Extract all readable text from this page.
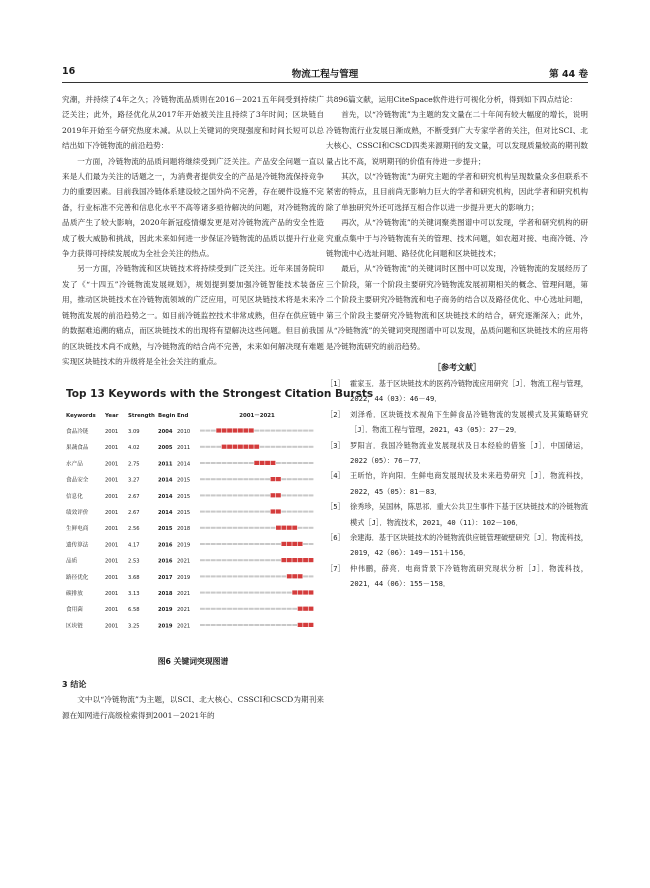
16	物流工程与管理	第 44 卷

究潮，并持续了4年之久；冷链物流品质则在2016－2021五年间受到持续广泛关注；此外，路径优化从2017年开始被关注且持续了3年时间；区块链自2019年开始至今研究热度未减。从以上关键词的突现强度和时间长短可以总结出如下冷链物流的前沿趋势：

一方面，冷链物流的品质问题将继续受到广泛关注。产品安全问题一直以来是人们最为关注的话题之一，为消费者提供安全的产品是冷链物流保持竞争力的重要因素。目前我国冷链体系建设较之国外尚不完善，存在硬件设施不完备，行业标准不完善和信息化水平不高等诸多亟待解决的问题，对冷链物流的品质产生了较大影响，2020年新冠疫情爆发更是对冷链物流产品的安全性造成了极大威胁和挑战，因此未来如何进一步保证冷链物流的品质以提升行业竞争力获得可持续发展成为全社会关注的热点。

另一方面，冷链物流和区块链技术将持续受到广泛关注。近年来国务院印发了《“十四五”冷链物流发展规划》，规划提到要加强冷链智能技术装备应用，推动区块链技术在冷链物流领域的广泛应用，可见区块链技术将是未来冷链物流发展的前沿趋势之一。如目前冷链监控技术非常成熟，但存在供应链中的数据难追溯的痛点，而区块链技术的出现将有望解决这些问题。但目前我国的区块链技术尚不成熟，与冷链物流的结合尚不完善，未来如何解决现有难题实现区块链技术的升级将是全社会关注的重点。

Top 13 Keywords with the Strongest Citation Bursts
Keywords Year Strength Begin End	2001－2021
食品冷链	2001 3.09	2004 2010
果蔬食品	2001 4.02	2005 2011
水产品	2001 2.75	2011 2014
食品安全	2001 3.27	2014 2015
信息化	2001 2.67	2014 2015
绩效评价	2001 2.67	2014 2015
生鲜电商	2001 2.56	2015 2018
遗传算法	2001 4.17	2016 2019
品质	2001 2.53	2016 2021
路径优化	2001 3.68	2017 2019
碳排放	2001 3.13	2018 2021
食用菌	2001 6.58	2019 2021
区块链	2001 3.25	2019 2021
图6 关键词突现图谱
3 结论

文中以“冷链物流”为主题，以SCI、北大核心、CSSCI和CSCD为期刊来源在知网进行高级检索得到2001－2021年的

共896篇文献，运用CiteSpace软件进行可视化分析，得到如下四点结论：

首先，以“冷链物流”为主题的发文量在二十年间有较大幅度的增长，说明冷链物流行业发展日渐成熟，不断受到广大专家学者的关注，但对比SCI、北大核心、CSSCI和CSCD四类来源期刊的发文量，可以发现质量较高的期刊数量占比不高，说明期刊的价值有待进一步提升；

其次，以“冷链物流”为研究主题的学者和研究机构呈现数量众多但联系不紧密的特点，且目前尚无影响力巨大的学者和研究机构，因此学者和研究机构除了单独研究外还可选择互相合作以进一步提升更大的影响力；

再次，从“冷链物流”的关键词聚类图谱中可以发现，学者和研究机构的研究重点集中于与冷链物流有关的管理、技术问题，如农超对接、电商冷链、冷链物流中心选址问题、路径优化问题和区块链技术；

最后，从“冷链物流”的关键词时区图中可以发现，冷链物流的发展经历了三个阶段，第一个阶段主要研究冷链物流发展初期相关的概念、管理问题，第二个阶段主要研究冷链物流和电子商务的结合以及路径优化、中心选址问题，第三个阶段主要研究冷链物流和区块链技术的结合，研究逐渐深入；此外，从“冷链物流”的关键词突现图谱中可以发现，品质问题和区块链技术的应用将是冷链物流研究的前沿趋势。

［参考文献］
［1］ 霍家玉．基于区块链技术的医药冷链物流应用研究［J］．物流工程与管理，2022，44（03）：46－49．
［2］ 刘泽希．区块链技术视角下生鲜食品冷链物流的发展模式及其策略研究［J］．物流工程与管理，2021，43（05）：27－29．
［3］ 罗阳言．我国冷链物流业发展现状及日本经验的借鉴［J］．中国储运，2022（05）：76－77．
［4］ 王昕怡，许向阳．生鲜电商发展现状及未来趋势研究［J］．物流科技，2022，45（05）：81－83．
［5］ 徐秀珍，吴国林，陈思祁．重大公共卫生事件下基于区块链技术的冷链物流模式［J］．物流技术，2021，40（11）：102－106．
［6］ 余建海．基于区块链技术的冷链物流供应链管理破壁研究［J］．物流科技，2019，42（06）：149－151＋156．
［7］ 仲伟鹏，薛亮．电商背景下冷链物流研究现状分析［J］．物流科技，2021，44（06）：155－158．
